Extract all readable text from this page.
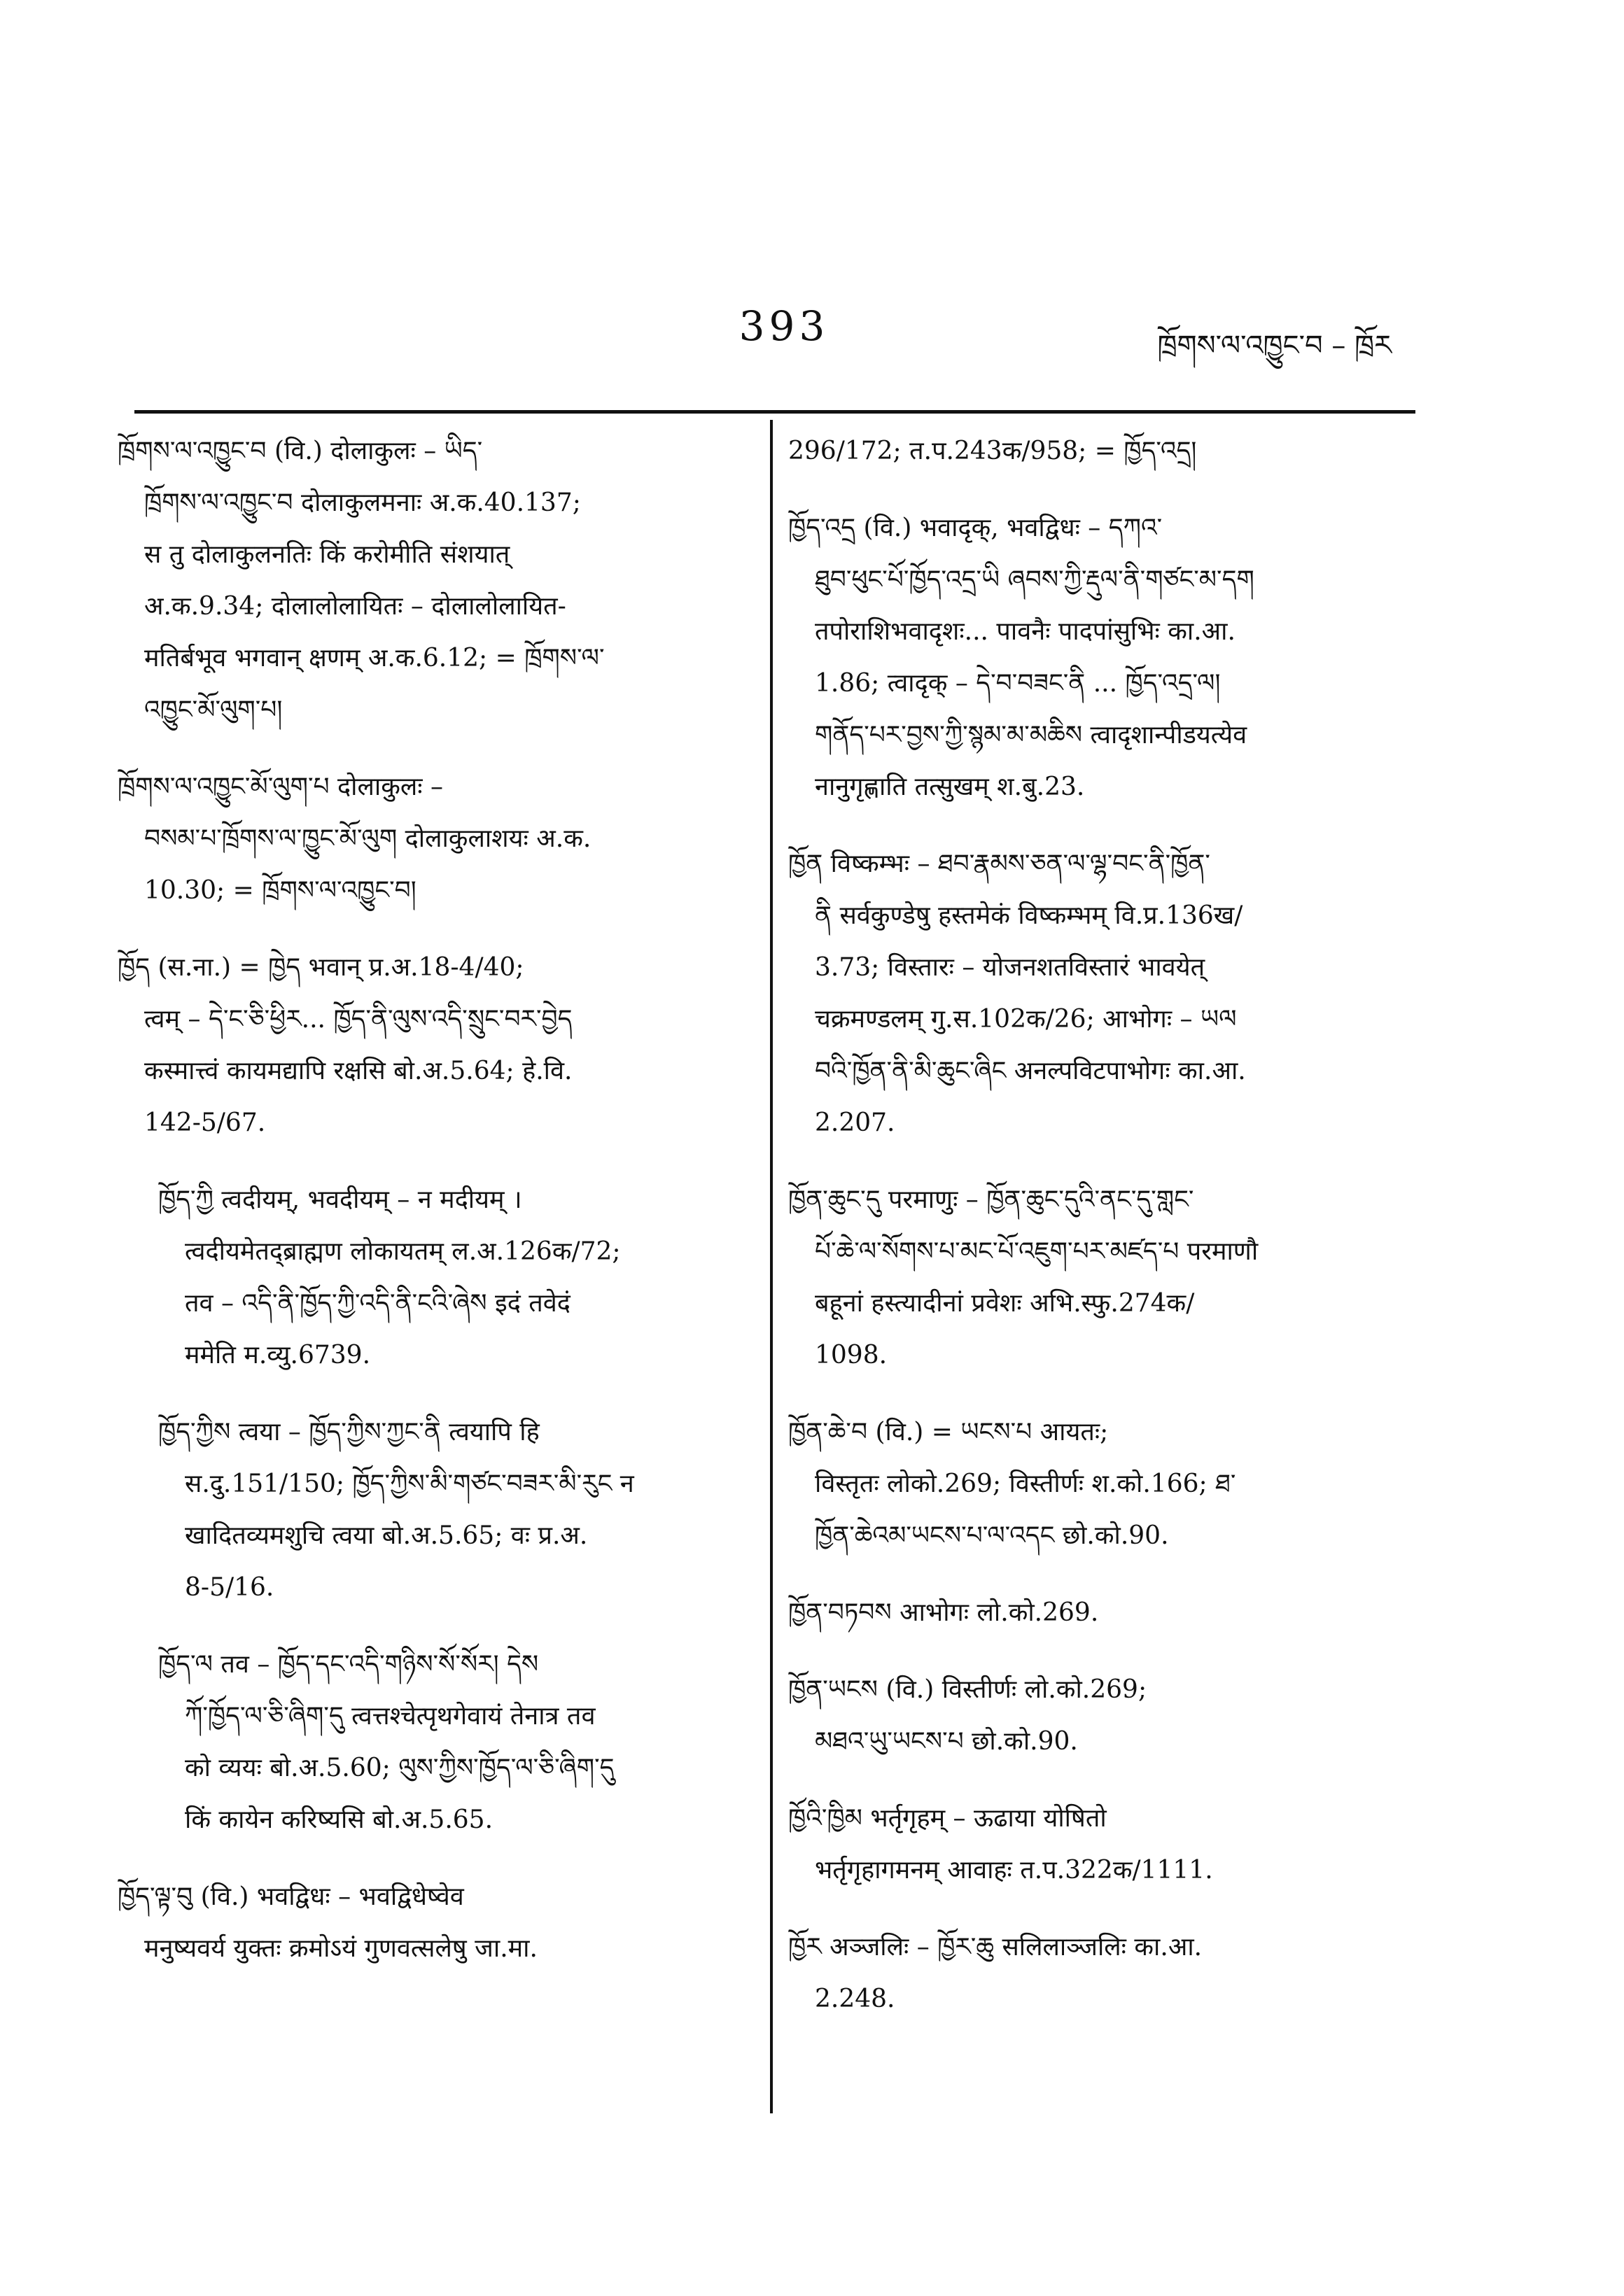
393	ཁྲོགས་ལ་འཁྱུང་བ – ཁྲོར
ཁྲོགས་ལ་འཁྱུང་བ (वि.) दोलाकुलः – ཡིད་
ཁྲོགས་ལ་འཁྱུང་བ दोलाकुलमनाः अ.क.40.137;
स तु दोलाकुलनतिः किं करोमीति संशयात्
अ.क.9.34; दोलालोलायितः – दोलालोलायित-
मतिर्बभूव भगवान् क्षणम् अ.क.6.12; = ཁྲོགས་ལ་
འཁྱུང་མོ་ལུག་པ།
ཁྲོགས་ལ་འཁྱུང་མོ་ལུག་པ दोलाकुलः –
བསམ་པ་ཁྲོགས་ལ་ཁྱུང་མོ་ལུག दोलाकुलाशयः अ.क.
10.30; = ཁྲོགས་ལ་འཁྱུང་བ།
ཁྱོད (स.ना.) = ཁྱེད भवान् प्र.अ.18-4/40;
त्वम् – དེ་ང་ཅི་ཕྱིར... ཁྱོད་ནི་ལུས་འདི་སྲུང་བར་བྱེད
कस्मात्त्वं कायमद्यापि रक्षसि बो.अ.5.64; हे.वि.
142-5/67.
ཁྱོད་ཀྱི त्वदीयम्, भवदीयम् – न मदीयम् ।
त्वदीयमेतद्ब्राह्मण लोकायतम् ल.अ.126क/72;
तव – འདི་ནི་ཁྱོད་ཀྱི་འདི་ནི་ངའི་ཞེས इदं तवेदं
ममेति म.व्यु.6739.
ཁྱོད་ཀྱིས त्वया – ཁྱོད་ཀྱིས་ཀྱང་ནི त्वयापि हि
स.दु.151/150; ཁྱོད་ཀྱིས་མི་གཙང་བཟར་མི་རུང न
खादितव्यमशुचि त्वया बो.अ.5.65; वः प्र.अ.
8-5/16.
ཁྱོད་ལ तव – ཁྱོད་དང་འདི་གཉིས་སོ་སོར། དེས
ཀོ་ཁྱོད་ལ་ཅི་ཞིག་དུ त्वत्तश्चेत्पृथगेवायं तेनात्र तव
को व्ययः बो.अ.5.60; ལུས་ཀྱིས་ཁྱོད་ལ་ཅི་ཞིག་དུ
किं कायेन करिष्यसि बो.अ.5.65.
ཁྱོད་ལྟ་བུ (वि.) भवद्विधः – भवद्विधेष्वेव
मनुष्यवर्य युक्तः क्रमोऽयं गुणवत्सलेषु जा.मा.
296/172; त.प.243क/958; = ཁྱོད་འདྲ།
ཁྱོད་འདྲ (वि.) भवादृक्, भवद्विधः – དཀའ་
ཐུབ་ཕུང་པོ་ཁྱོད་འདྲ་ཡི ཞབས་ཀྱི་རྡུལ་ནི་གཙང་མ་དག
तपोराशिभवादृशः... पावनैः पादपांसुभिः का.आ.
1.86; त्वादृक् – དེ་བ་བཟང་ནི ... ཁྱོད་འདྲ་ལ།
གནོད་པར་བྱས་ཀྱི་སྙམ་མ་མཆིས त्वादृशान्पीडयत्येव
नानुगृह्णाति तत्सुखम् श.बु.23.
ཁྱོན विष्कम्भः – ཐབ་རྣམས་ཅན་ལ་ལྷ་བང་ནི་ཁྱོན་
ནི सर्वकुण्डेषु हस्तमेकं विष्कम्भम् वि.प्र.136ख/
3.73; विस्तारः – योजनशतविस्तारं भावयेत्
चक्रमण्डलम् गु.स.102क/26; आभोगः – ཡལ
བའི་ཁྱོན་ནི་མི་ཆུང་ཞིང अनल्पविटपाभोगः का.आ.
2.207.
ཁྱོན་ཆུང་དུ परमाणुः – ཁྱོན་ཆུང་དུའི་ནང་དུ་གླང་
པོ་ཆེ་ལ་སོགས་པ་མང་པོ་འཇུག་པར་མཛད་པ परमाणौ
बहूनां हस्त्यादीनां प्रवेशः अभि.स्फु.274क/
1098.
ཁྱོན་ཆེ་བ (वि.) = ཡངས་པ आयतः;
विस्तृतः लोको.269; विस्तीर्णः श.को.166; ཐ་
ཁྱོན་ཆེའམ་ཡངས་པ་ལ་འདང छो.को.90.
ཁྱོན་བཏབས आभोगः लो.को.269.
ཁྱོན་ཡངས (वि.) विस्तीर्णः लो.को.269;
མཐའ་ཡུ་ཡངས་པ छो.को.90.
ཁྱོའི་ཁྱིམ भर्तृगृहम् – ऊढाया योषितो
भर्तृगृहागमनम् आवाहः त.प.322क/1111.
ཁྱོར अञ्जलिः – ཁྱོར་ཆུ सलिलाञ्जलिः का.आ.
2.248.
